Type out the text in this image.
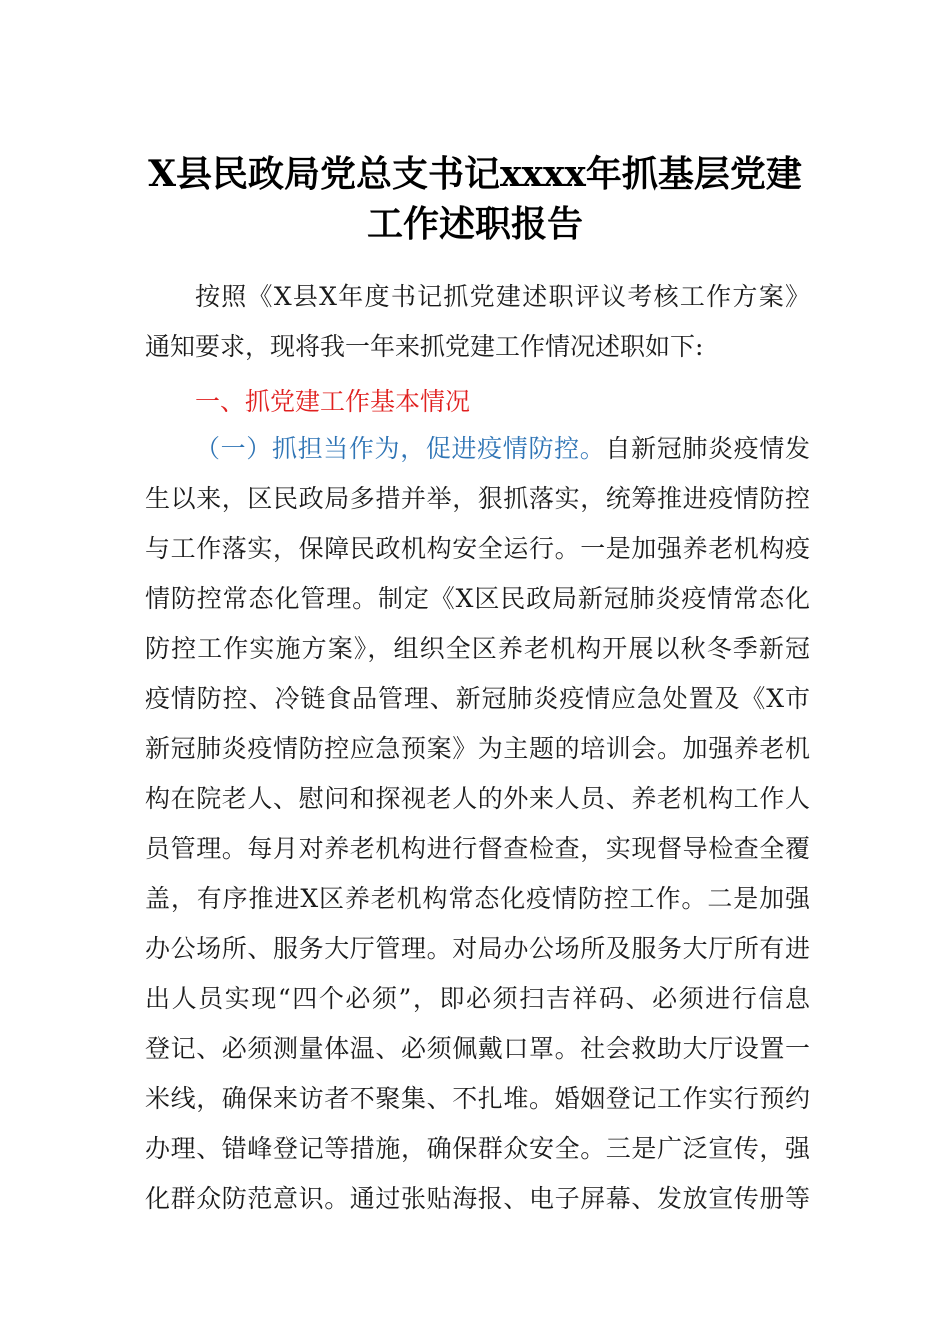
X县民政局党总支书记xxxx年抓基层党建
工作述职报告
按照《X县X年度书记抓党建述职评议考核工作方案》
通知要求，现将我一年来抓党建工作情况述职如下:
一、抓党建工作基本情况
（一）抓担当作为，促进疫情防控。自新冠肺炎疫情发
生以来，区民政局多措并举，狠抓落实，统筹推进疫情防控
与工作落实，保障民政机构安全运行。一是加强养老机构疫
情防控常态化管理。制定《X区民政局新冠肺炎疫情常态化
防控工作实施方案》，组织全区养老机构开展以秋冬季新冠
疫情防控、冷链食品管理、新冠肺炎疫情应急处置及《X市
新冠肺炎疫情防控应急预案》为主题的培训会。加强养老机
构在院老人、慰问和探视老人的外来人员、养老机构工作人
员管理。每月对养老机构进行督查检查，实现督导检查全覆
盖，有序推进X区养老机构常态化疫情防控工作。二是加强
办公场所、服务大厅管理。对局办公场所及服务大厅所有进
出人员实现“四个必须”，即必须扫吉祥码、必须进行信息
登记、必须测量体温、必须佩戴口罩。社会救助大厅设置一
米线，确保来访者不聚集、不扎堆。婚姻登记工作实行预约
办理、错峰登记等措施，确保群众安全。三是广泛宣传，强
化群众防范意识。通过张贴海报、电子屏幕、发放宣传册等
